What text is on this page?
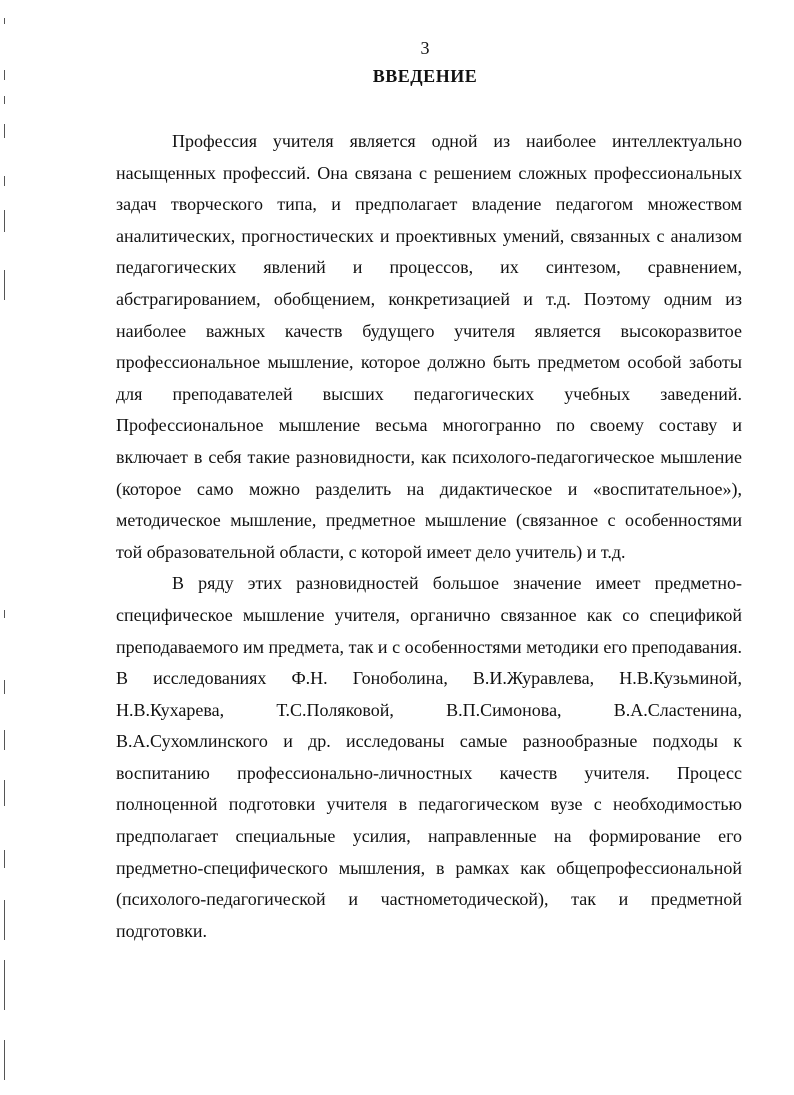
3
ВВЕДЕНИЕ

Профессия учителя является одной из наиболее интеллектуально насыщенных профессий. Она связана с решением сложных профессиональных задач творческого типа, и предполагает владение педагогом множеством аналитических, прогностических и проективных умений, связанных с анализом педагогических явлений и процессов, их синтезом, сравнением, абстрагированием, обобщением, конкретизацией и т.д. Поэтому одним из наиболее важных качеств будущего учителя является высокоразвитое профессиональное мышление, которое должно быть предметом особой заботы для преподавателей высших педагогических учебных заведений. Профессиональное мышление весьма многогранно по своему составу и включает в себя такие разновидности, как психолого-педагогическое мышление (которое само можно разделить на дидактическое и «воспитательное»), методическое мышление, предметное мышление (связанное с особенностями той образовательной области, с которой имеет дело учитель) и т.д.

В ряду этих разновидностей большое значение имеет предметно-специфическое мышление учителя, органично связанное как со спецификой преподаваемого им предмета, так и с особенностями методики его преподавания. В исследованиях Ф.Н. Гоноболина, В.И.Журавлева, Н.В.Кузьминой, Н.В.Кухарева, Т.С.Поляковой, В.П.Симонова, В.А.Сластенина, В.А.Сухомлинского и др. исследованы самые разнообразные подходы к воспитанию профессионально-личностных качеств учителя. Процесс полноценной подготовки учителя в педагогическом вузе с необходимостью предполагает специальные усилия, направленные на формирование его предметно-специфического мышления, в рамках как общепрофессиональной (психолого-педагогической и частнометодической), так и предметной подготовки.
